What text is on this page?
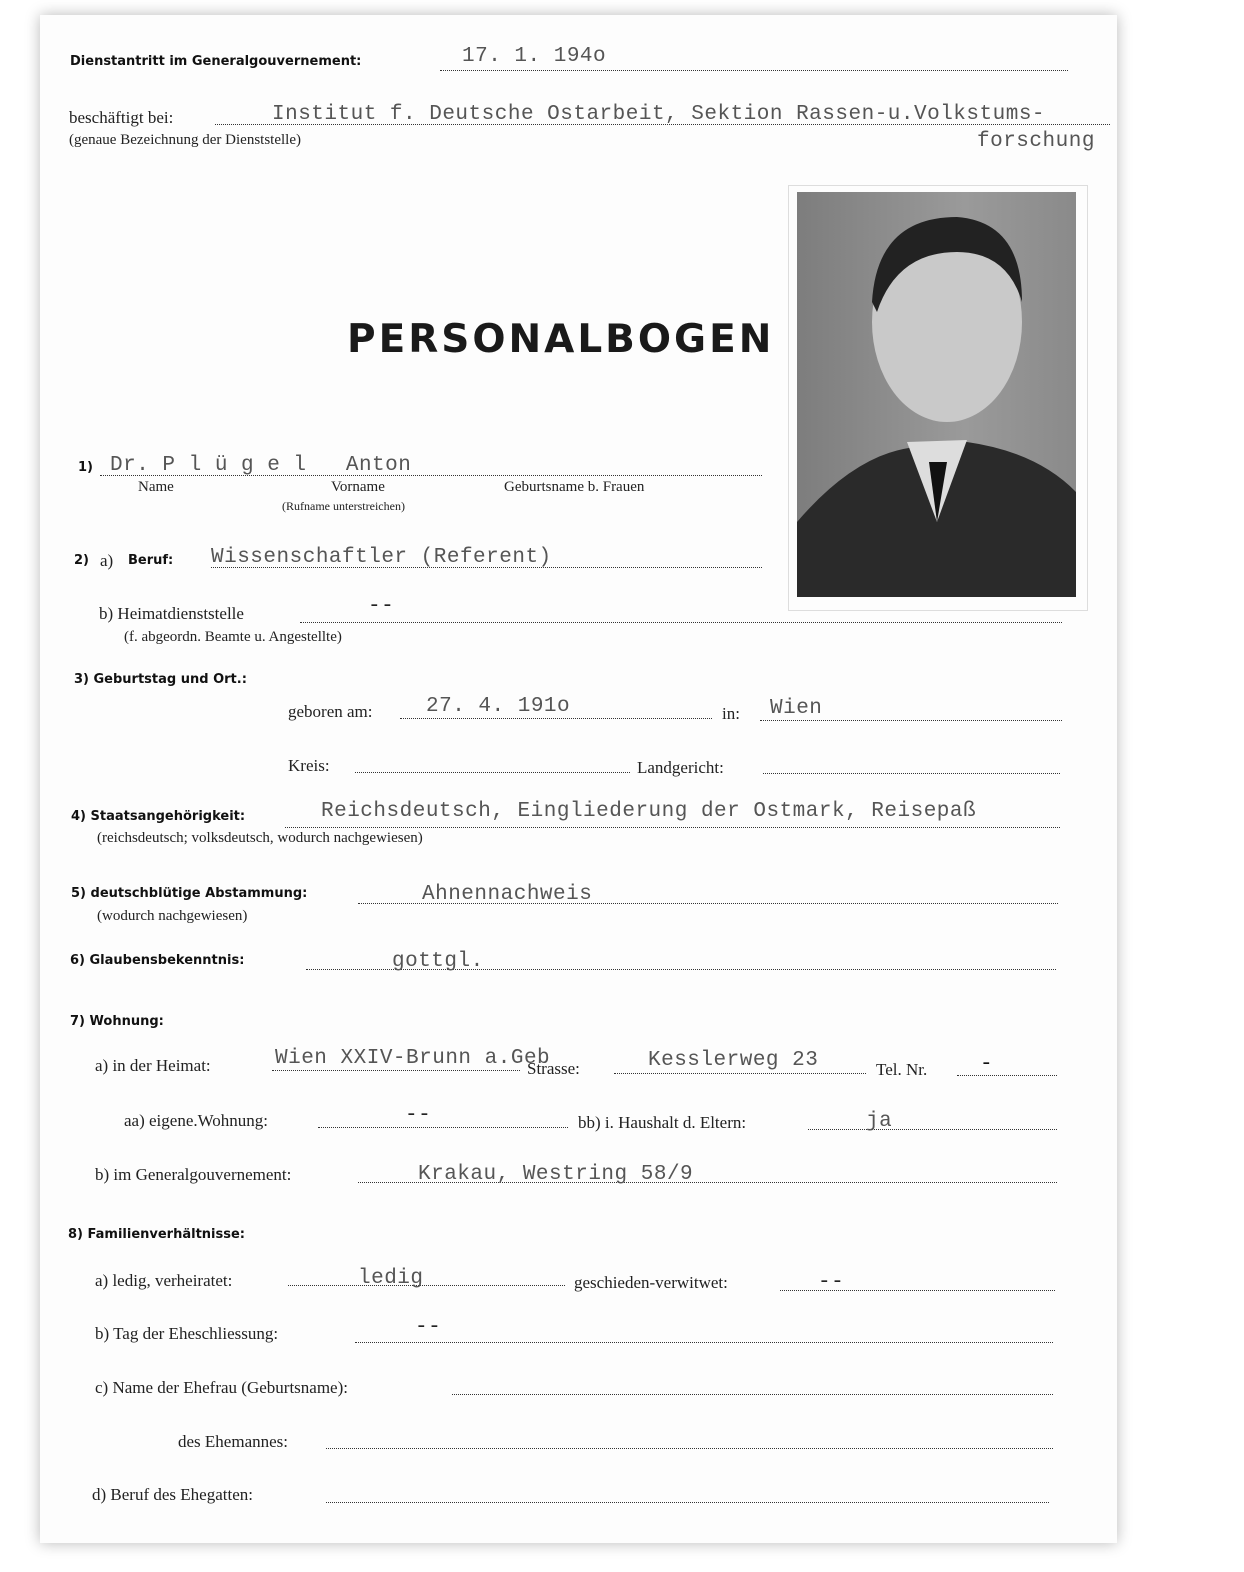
Dienstantritt im Generalgouvernement:	17. 1. 194o
beschäftigt bei:	Institut f. Deutsche Ostarbeit, Sektion Rassen-u.Volkstums-
forschung
(genaue Bezeichnung der Dienststelle)
PERSONALBOGEN
1) Dr. P l ü g e l   Anton
Name	Vorname	Geburtsname b. Frauen
(Rufname unterstreichen)
2) a) Beruf: Wissenschaftler (Referent)
b) Heimatdienststelle	--
(f. abgeordn. Beamte u. Angestellte)
3) Geburtstag und Ort.:
geboren am:	27. 4. 191o	in: Wien
Kreis:	Landgericht:
4) Staatsangehörigkeit:	Reichsdeutsch, Eingliederung der Ostmark, Reisepaß
(reichsdeutsch; volksdeutsch, wodurch nachgewiesen)
5) deutschblütige Abstammung:	Ahnennachweis
(wodurch nachgewiesen)
6) Glaubensbekenntnis:	gottgl.
7) Wohnung:
a) in der Heimat:	Wien XXIV-Brunn a.Geb
Strasse:	Kesslerweg 23	Tel. Nr.	-
aa) eigene.Wohnung:	--	bb) i. Haushalt d. Eltern:	ja
b) im Generalgouvernement:	Krakau, Westring 58/9
8) Familienverhältnisse:
a) ledig, verheiratet:	ledig	geschieden-verwitwet:	--
b) Tag der Eheschliessung:	--
c) Name der Ehefrau (Geburtsname):
des Ehemannes:
d) Beruf des Ehegatten:
